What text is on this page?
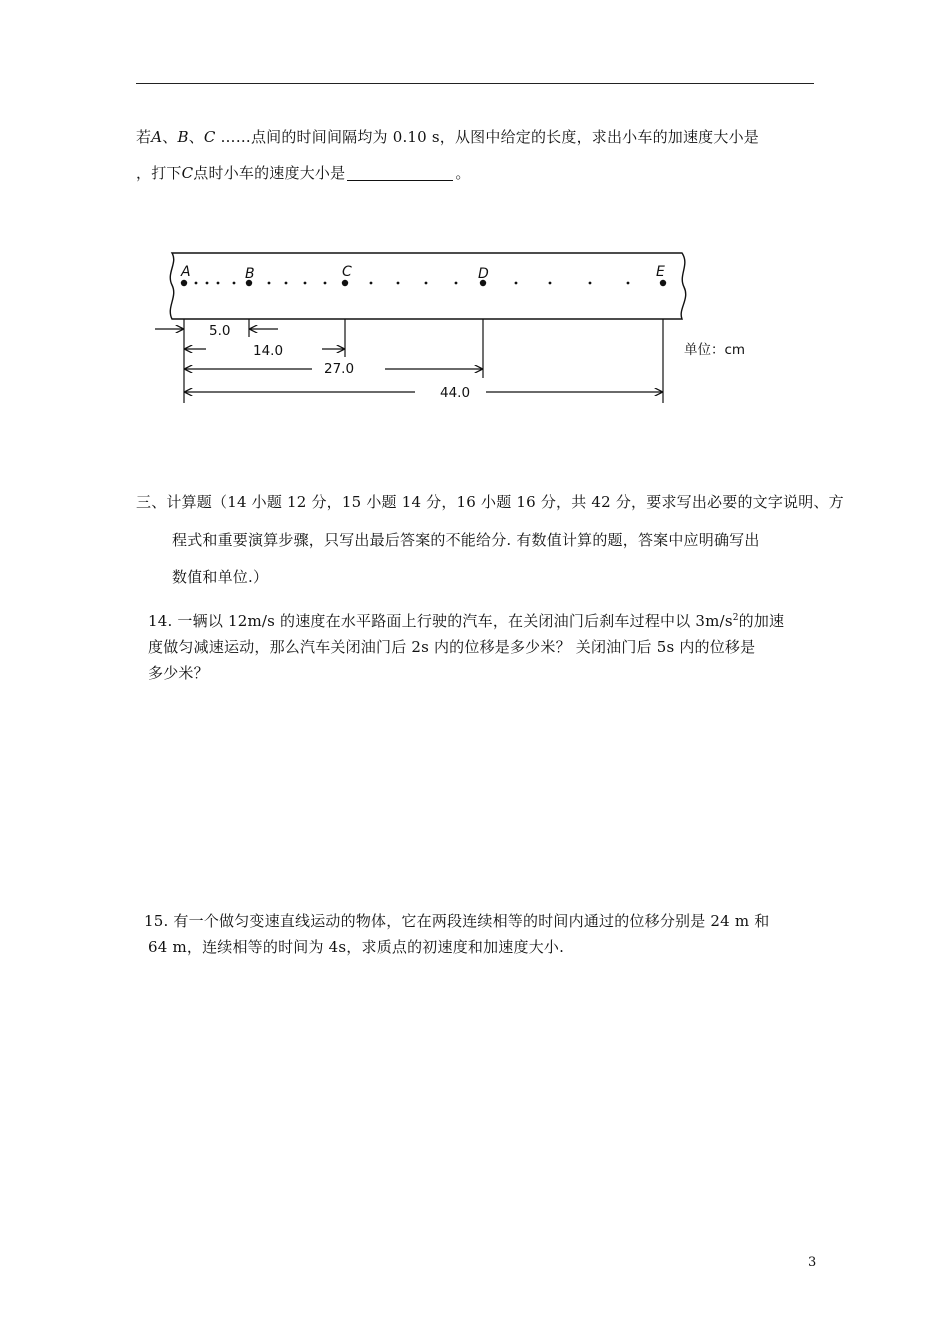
若A、B、C ……点间的时间间隔均为 0.10 s，从图中给定的长度，求出小车的加速度大小是
，打下C点时小车的速度大小是	。
A	B	C	D	E
5.0
14.0
27.0
44.0
单位：cm
三、计算题（14 小题 12 分，15 小题 14 分，16 小题 16 分，共 42 分，要求写出必要的文字说明、方
程式和重要演算步骤，只写出最后答案的不能给分. 有数值计算的题，答案中应明确写出
数值和单位.）
14. 一辆以 12m/s 的速度在水平路面上行驶的汽车，在关闭油门后刹车过程中以 $3m/s^2$的加速
度做匀减速运动，那么汽车关闭油门后 2s 内的位移是多少米？ 关闭油门后 5s 内的位移是
多少米？
15. 有一个做匀变速直线运动的物体，它在两段连续相等的时间内通过的位移分别是 24 m 和
64 m，连续相等的时间为 4s，求质点的初速度和加速度大小.
3
